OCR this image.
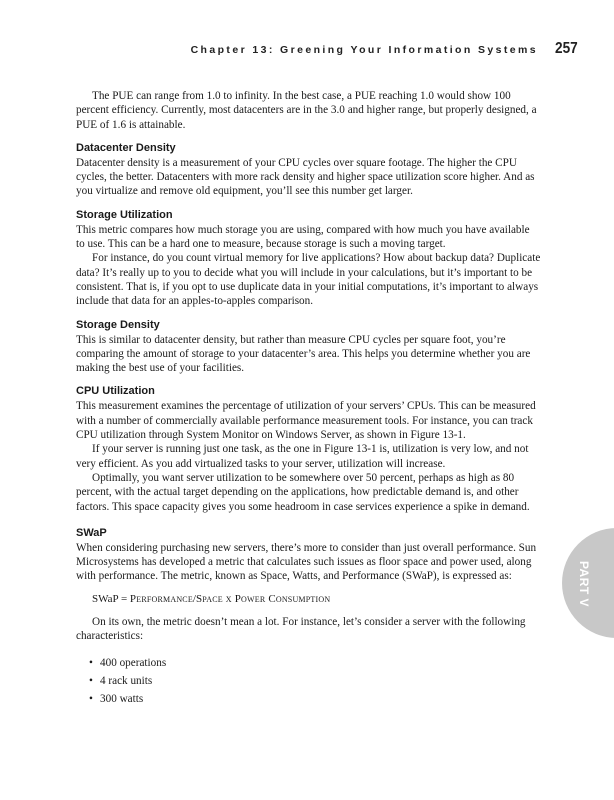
Chapter 13: Greening Your Information Systems 257

The PUE can range from 1.0 to infinity. In the best case, a PUE reaching 1.0 would show 100 percent efficiency. Currently, most datacenters are in the 3.0 and higher range, but properly designed, a PUE of 1.6 is attainable.

Datacenter Density

Datacenter density is a measurement of your CPU cycles over square footage. The higher the CPU cycles, the better. Datacenters with more rack density and higher space utilization score higher. And as you virtualize and remove old equipment, you’ll see this number get larger.

Storage Utilization

This metric compares how much storage you are using, compared with how much you have available to use. This can be a hard one to measure, because storage is such a moving target.

For instance, do you count virtual memory for live applications? How about backup data? Duplicate data? It’s really up to you to decide what you will include in your calculations, but it’s important to be consistent. That is, if you opt to use duplicate data in your initial computations, it’s important to always include that data for an apples-to-apples comparison.

Storage Density

This is similar to datacenter density, but rather than measure CPU cycles per square foot, you’re comparing the amount of storage to your datacenter’s area. This helps you determine whether you are making the best use of your facilities.

CPU Utilization

This measurement examines the percentage of utilization of your servers’ CPUs. This can be measured with a number of commercially available performance measurement tools. For instance, you can track CPU utilization through System Monitor on Windows Server, as shown in Figure 13-1.

If your server is running just one task, as the one in Figure 13-1 is, utilization is very low, and not very efficient. As you add virtualized tasks to your server, utilization will increase.

Optimally, you want server utilization to be somewhere over 50 percent, perhaps as high as 80 percent, with the actual target depending on the applications, how predictable demand is, and other factors. This space capacity gives you some headroom in case services experience a spike in demand.

SWaP

When considering purchasing new servers, there’s more to consider than just overall performance. Sun Microsystems has developed a metric that calculates such issues as floor space and power used, along with performance. The metric, known as Space, Watts, and Performance (SWaP), is expressed as:

SWaP = Performance/Space x Power Consumption

On its own, the metric doesn’t mean a lot. For instance, let’s consider a server with the following characteristics:

• 400 operations
• 4 rack units
• 300 watts
PART V
